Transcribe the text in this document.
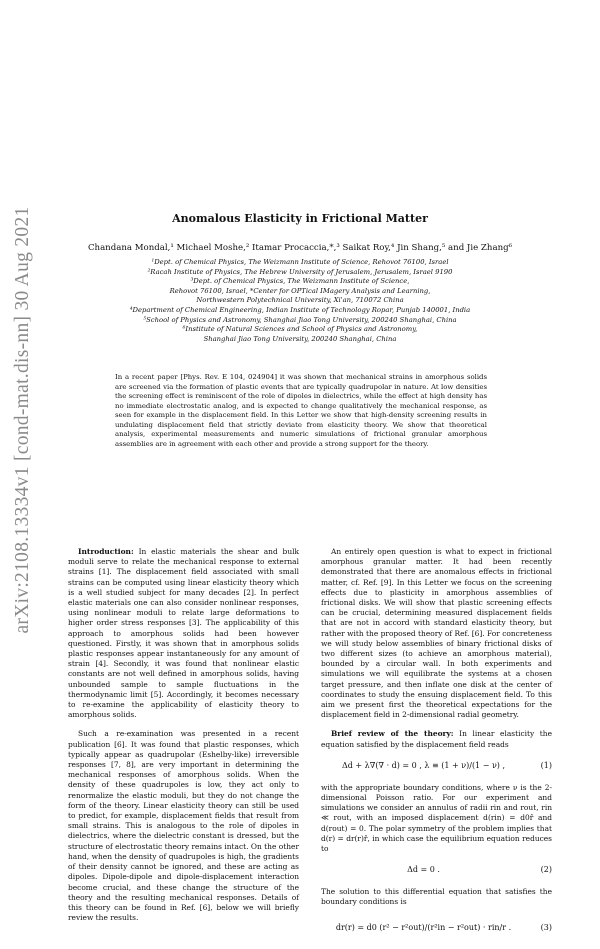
arXiv:2108.13334v1 [cond-mat.dis-nn] 30 Aug 2021	Anomalous Elasticity in Frictional Matter
Chandana Mondal,¹ Michael Moshe,² Itamar Procaccia,*,³ Saikat Roy,⁴ Jin Shang,⁵ and Jie Zhang⁶
¹Dept. of Chemical Physics, The Weizmann Institute of Science, Rehovot 76100, Israel
²Racah Institute of Physics, The Hebrew University of Jerusalem, Jerusalem, Israel 9190
³Dept. of Chemical Physics, The Weizmann Institute of Science,
Rehovot 76100, Israel, *Center for OPTical IMagery Analysis and Learning,
Northwestern Polytechnical University, Xi'an, 710072 China
⁴Department of Chemical Engineering, Indian Institute of Technology Ropar, Punjab 140001, India
⁵School of Physics and Astronomy, Shanghai Jiao Tong University, 200240 Shanghai, China
⁶Institute of Natural Sciences and School of Physics and Astronomy,
Shanghai Jiao Tong University, 200240 Shanghai, China
In a recent paper [Phys. Rev. E 104, 024904] it was shown that mechanical strains in amorphous solids are screened via the formation of plastic events that are typically quadrupolar in nature. At low densities the screening effect is reminiscent of the role of dipoles in dielectrics, while the effect at high density has no immediate electrostatic analog, and is expected to change qualitatively the mechanical response, as seen for example in the displacement field. In this Letter we show that high-density screening results in undulating displacement field that strictly deviate from elasticity theory. We show that theoretical analysis, experimental measurements and numeric simulations of frictional granular amorphous assemblies are in agreement with each other and provide a strong support for the theory.

Introduction: In elastic materials the shear and bulk moduli serve to relate the mechanical response to external strains [1]. The displacement field associated with small strains can be computed using linear elasticity theory which is a well studied subject for many decades [2]. In perfect elastic materials one can also consider nonlinear responses, using nonlinear moduli to relate large deformations to higher order stress responses [3]. The applicability of this approach to amorphous solids had been however questioned. Firstly, it was shown that in amorphous solids plastic responses appear instantaneously for any amount of strain [4]. Secondly, it was found that nonlinear elastic constants are not well defined in amorphous solids, having unbounded sample to sample fluctuations in the thermodynamic limit [5]. Accordingly, it becomes necessary to re-examine the applicability of elasticity theory to amorphous solids.

Such a re-examination was presented in a recent publication [6]. It was found that plastic responses, which typically appear as quadrupolar (Eshelby-like) irreversible responses [7, 8], are very important in determining the mechanical responses of amorphous solids. When the density of these quadrupoles is low, they act only to renormalize the elastic moduli, but they do not change the form of the theory. Linear elasticity theory can still be used to predict, for example, displacement fields that result from small strains. This is analogous to the role of dipoles in dielectrics, where the dielectric constant is dressed, but the structure of electrostatic theory remains intact. On the other hand, when the density of quadrupoles is high, the gradients of their density cannot be ignored, and these are acting as dipoles. Dipole-dipole and dipole-displacement interaction become crucial, and these change the structure of the theory and the resulting mechanical responses. Details of this theory can be found in Ref. [6], below we will briefly review the results.

An entirely open question is what to expect in frictional amorphous granular matter. It had been recently demonstrated that there are anomalous effects in frictional matter, cf. Ref. [9]. In this Letter we focus on the screening effects due to plasticity in amorphous assemblies of frictional disks. We will show that plastic screening effects can be crucial, determining measured displacement fields that are not in accord with standard elasticity theory, but rather with the proposed theory of Ref. [6]. For concreteness we will study below assemblies of binary frictional disks of two different sizes (to achieve an amorphous material), bounded by a circular wall. In both experiments and simulations we will equilibrate the systems at a chosen target pressure, and then inflate one disk at the center of coordinates to study the ensuing displacement field. To this aim we present first the theoretical expectations for the displacement field in 2-dimensional radial geometry.

Brief review of the theory: In linear elasticity the equation satisfied by the displacement field reads

Δd + λ∇(∇ · d) = 0 , λ ≡ (1 + ν)/(1 − ν) ,	(1)

with the appropriate boundary conditions, where ν is the 2-dimensional Poisson ratio. For our experiment and simulations we consider an annulus of radii rin and rout, rin ≪ rout, with an imposed displacement d(rin) = d0r̂ and d(rout) = 0. The polar symmetry of the problem implies that d(r) = dr(r)r̂, in which case the equilibrium equation reduces to

Δd = 0 .	(2)

The solution to this differential equation that satisfies the boundary conditions is

dr(r) = d0 (r² − r²out)/(r²in − r²out) · rin/r .	(3)
